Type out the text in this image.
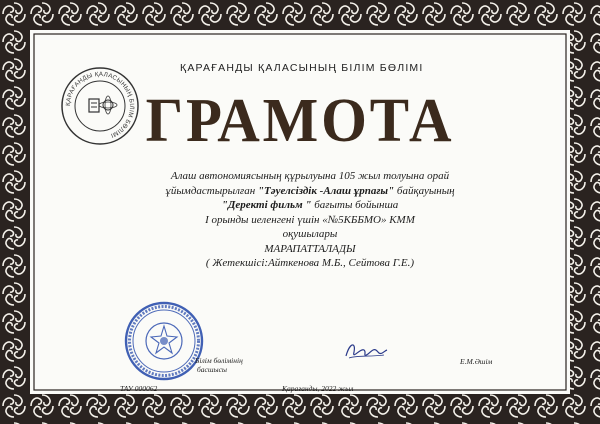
ҚАРАҒАНДЫ ҚАЛАСЫНЫҢ БІЛІМ БӨЛІМІ
ҚАРАҒАНДЫ ҚАЛАСЫНЫҢ БІЛІМ БӨЛІМІ
ГРАМОТА
Алаш автономиясының құрылуына 105 жыл толуына орай
ұйымдастырылған "Тәуелсіздік -Алаш ұрпағы" байқауының
"Деректі фильм " бағыты бойынша
І орынды иеленгені үшін «№5КББМО» КММ
оқушылары
МАРАПАТТАЛАДЫ
( Жетекшісі:Айткенова М.Б., Сейтова Г.Е.)
Білім бөлімінің
басшысы
Е.М.Әшім
ТАУ 000062	Қарағанды, 2022 жыл
